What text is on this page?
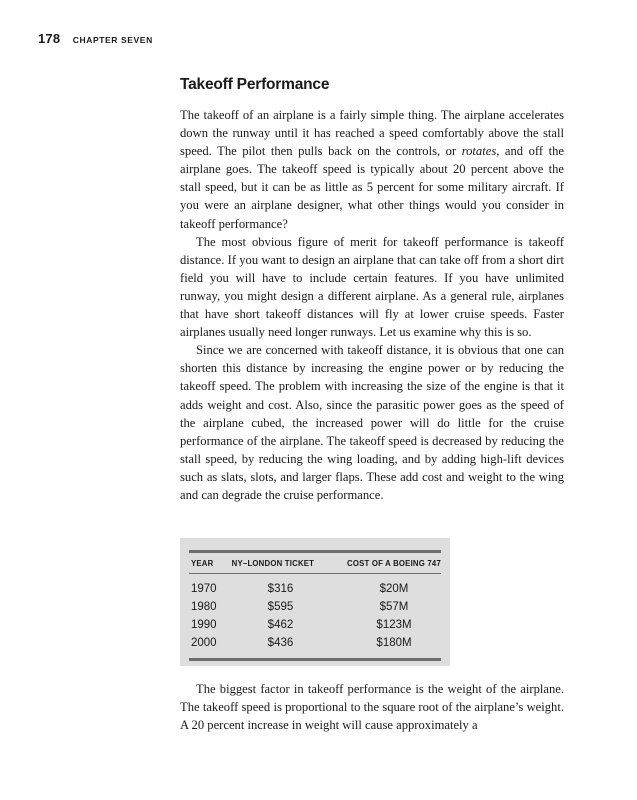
178 CHAPTER SEVEN
Takeoff Performance

The takeoff of an airplane is a fairly simple thing. The airplane accelerates down the runway until it has reached a speed comfortably above the stall speed. The pilot then pulls back on the controls, or rotates, and off the airplane goes. The takeoff speed is typically about 20 percent above the stall speed, but it can be as little as 5 percent for some military aircraft. If you were an airplane designer, what other things would you consider in takeoff performance?

The most obvious figure of merit for takeoff performance is takeoff distance. If you want to design an airplane that can take off from a short dirt field you will have to include certain features. If you have unlimited runway, you might design a different airplane. As a general rule, airplanes that have short takeoff distances will fly at lower cruise speeds. Faster airplanes usually need longer runways. Let us examine why this is so.

Since we are concerned with takeoff distance, it is obvious that one can shorten this distance by increasing the engine power or by reducing the takeoff speed. The problem with increasing the size of the engine is that it adds weight and cost. Also, since the parasitic power goes as the speed of the airplane cubed, the increased power will do little for the cruise performance of the airplane. The takeoff speed is decreased by reducing the stall speed, by reducing the wing loading, and by adding high-lift devices such as slats, slots, and larger flaps. These add cost and weight to the wing and can degrade the cruise performance.

YEAR	NY–LONDON TICKET	COST OF A BOEING 747

1970	$316	$20M
1980	$595	$57M
1990	$462	$123M
2000	$436	$180M

The biggest factor in takeoff performance is the weight of the airplane. The takeoff speed is proportional to the square root of the airplane’s weight. A 20 percent increase in weight will cause approximately a
